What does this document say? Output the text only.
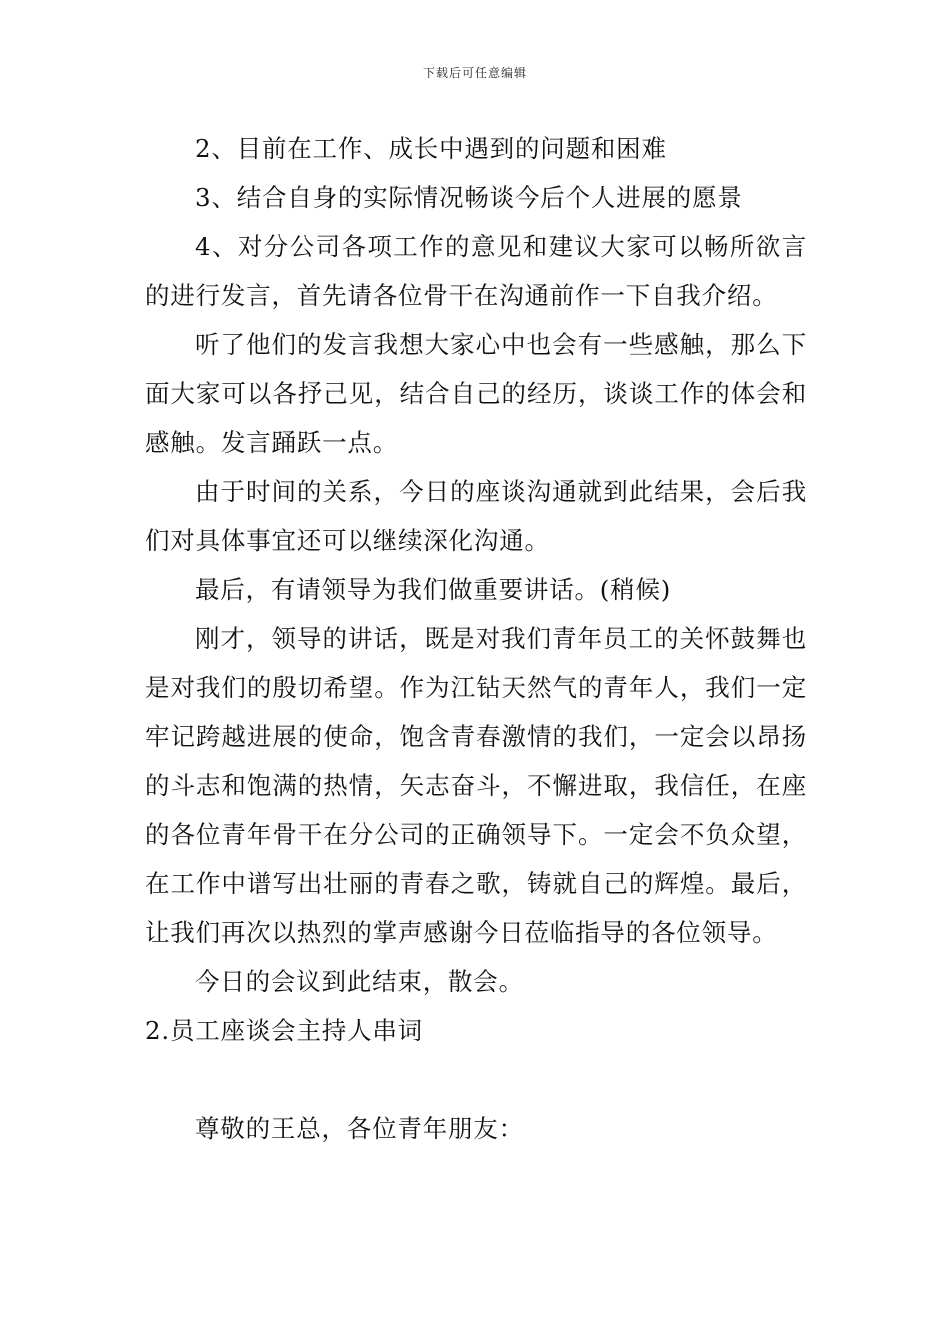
下载后可任意编辑

2、目前在工作、成长中遇到的问题和困难

3、结合自身的实际情况畅谈今后个人进展的愿景

4、对分公司各项工作的意见和建议大家可以畅所欲言的进行发言，首先请各位骨干在沟通前作一下自我介绍。

听了他们的发言我想大家心中也会有一些感触，那么下面大家可以各抒己见，结合自己的经历，谈谈工作的体会和感触。发言踊跃一点。

由于时间的关系，今日的座谈沟通就到此结果，会后我们对具体事宜还可以继续深化沟通。

最后，有请领导为我们做重要讲话。(稍候)

刚才，领导的讲话，既是对我们青年员工的关怀鼓舞也是对我们的殷切希望。作为江钻天然气的青年人，我们一定牢记跨越进展的使命，饱含青春激情的我们，一定会以昂扬的斗志和饱满的热情，矢志奋斗，不懈进取，我信任，在座的各位青年骨干在分公司的正确领导下。一定会不负众望，在工作中谱写出壮丽的青春之歌，铸就自己的辉煌。最后，让我们再次以热烈的掌声感谢今日莅临指导的各位领导。

今日的会议到此结束，散会。

2.员工座谈会主持人串词

尊敬的王总，各位青年朋友：
